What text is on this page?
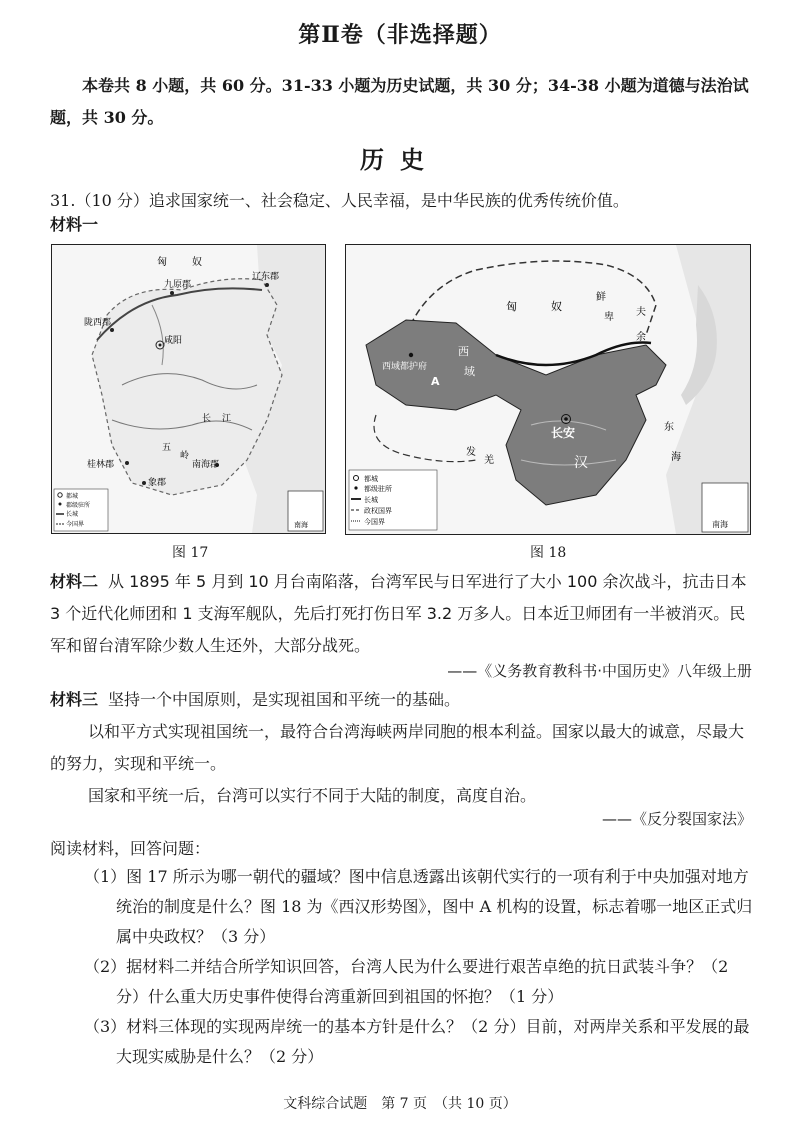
第Ⅱ卷（非选择题）
本卷共 8 小题，共 60 分。31-33 小题为历史试题，共 30 分；34-38 小题为道德与法治试题，共 30 分。
历史
31.（10 分）追求国家统一、社会稳定、人民幸福，是中华民族的优秀传统价值。
材料一
匈	奴
九原郡
辽东郡
陇西郡
咸阳
长 江
桂林郡	南海郡
象郡
五
岭
都城
郡级驻所
长城
今国界	南海
匈	奴
鲜
卑 夫
余
西
域
西域都护府
A
长安
汉
发
羌
东
海
都城
都级驻所
长城
政权国界
今国界	南海
图 17	图 18
材料二 从 1895 年 5 月到 10 月台南陷落，台湾军民与日军进行了大小 100 余次战斗，抗击日本 3 个近代化师团和 1 支海军舰队，先后打死打伤日军 3.2 万多人。日本近卫师团有一半被消灭。民军和留台清军除少数人生还外，大部分战死。
——《义务教育教科书·中国历史》八年级上册
材料三 坚持一个中国原则，是实现祖国和平统一的基础。
以和平方式实现祖国统一，最符合台湾海峡两岸同胞的根本利益。国家以最大的诚意，尽最大的努力，实现和平统一。
国家和平统一后，台湾可以实行不同于大陆的制度，高度自治。
——《反分裂国家法》
阅读材料，回答问题：
（1）图 17 所示为哪一朝代的疆域？图中信息透露出该朝代实行的一项有利于中央加强对地方统治的制度是什么？图 18 为《西汉形势图》，图中 A 机构的设置，标志着哪一地区正式归属中央政权？（3 分）
（2）据材料二并结合所学知识回答，台湾人民为什么要进行艰苦卓绝的抗日武装斗争？（2 分）什么重大历史事件使得台湾重新回到祖国的怀抱？（1 分）
（3）材料三体现的实现两岸统一的基本方针是什么？（2 分）目前，对两岸关系和平发展的最大现实威胁是什么？（2 分）
文科综合试题　第 7 页　（共 10 页）
